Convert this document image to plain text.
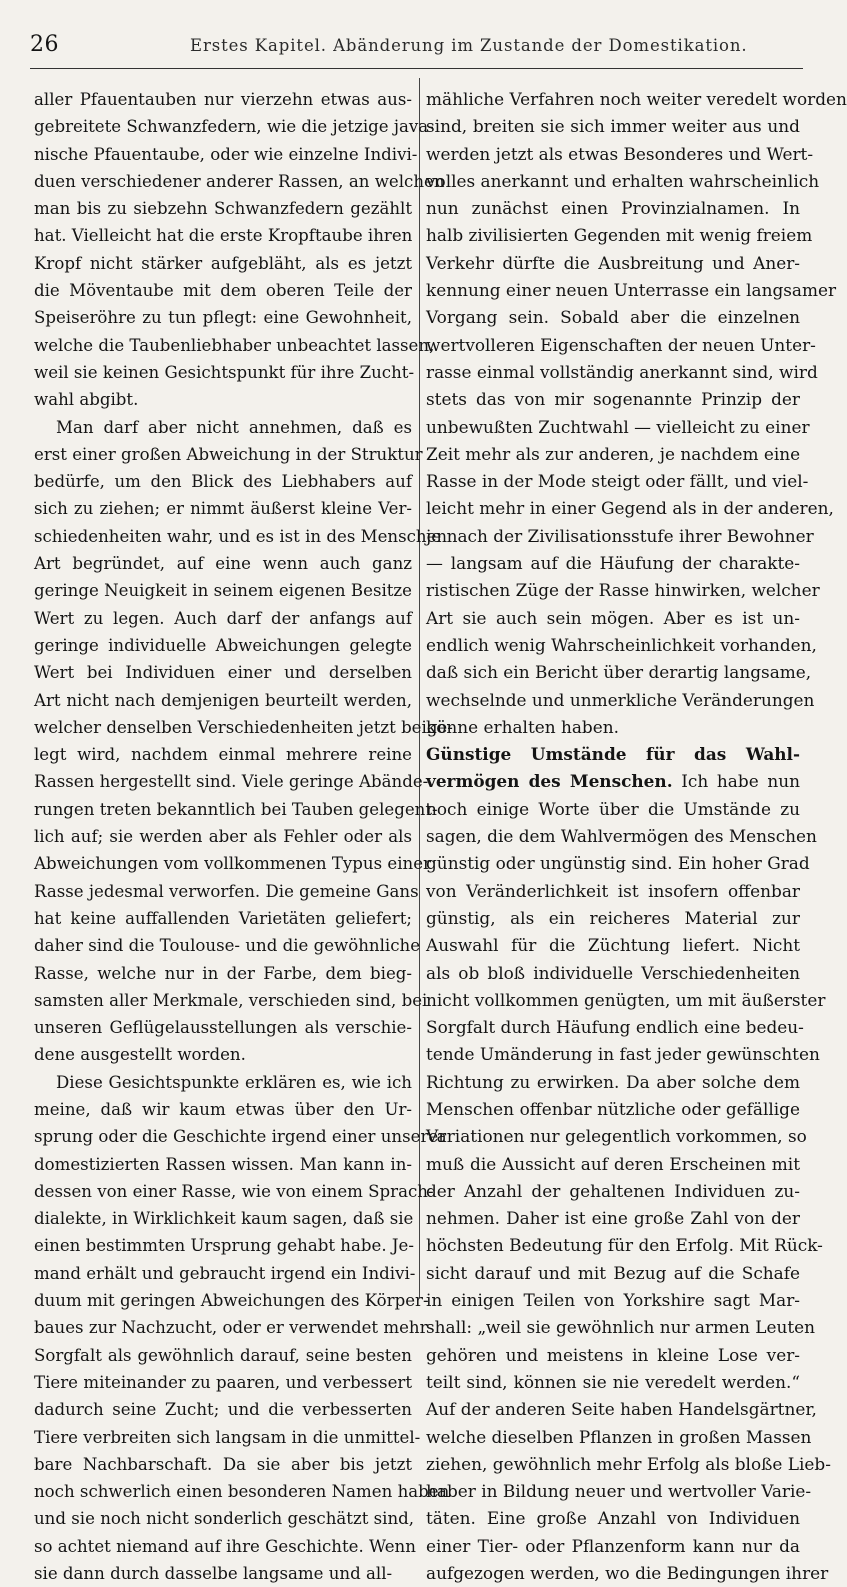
26	Erstes Kapitel. Abänderung im Zustande der Domestikation.
aller Pfauentauben nur vierzehn etwas aus-
gebreitete Schwanzfedern, wie die jetzige java-
nische Pfauentaube, oder wie einzelne Indivi-
duen verschiedener anderer Rassen, an welchen
man bis zu siebzehn Schwanzfedern gezählt
hat. Vielleicht hat die erste Kropftaube ihren
Kropf nicht stärker aufgebläht, als es jetzt
die Möventaube mit dem oberen Teile der
Speiseröhre zu tun pflegt: eine Gewohnheit,
welche die Taubenliebhaber unbeachtet lassen,
weil sie keinen Gesichtspunkt für ihre Zucht-
wahl abgibt.
Man darf aber nicht annehmen, daß es
erst einer großen Abweichung in der Struktur
bedürfe, um den Blick des Liebhabers auf
sich zu ziehen; er nimmt äußerst kleine Ver-
schiedenheiten wahr, und es ist in des Menschen
Art begründet, auf eine wenn auch ganz
geringe Neuigkeit in seinem eigenen Besitze
Wert zu legen. Auch darf der anfangs auf
geringe individuelle Abweichungen gelegte
Wert bei Individuen einer und derselben
Art nicht nach demjenigen beurteilt werden,
welcher denselben Verschiedenheiten jetzt beige-
legt wird, nachdem einmal mehrere reine
Rassen hergestellt sind. Viele geringe Abände-
rungen treten bekanntlich bei Tauben gelegent-
lich auf; sie werden aber als Fehler oder als
Abweichungen vom vollkommenen Typus einer
Rasse jedesmal verworfen. Die gemeine Gans
hat keine auffallenden Varietäten geliefert;
daher sind die Toulouse- und die gewöhnliche
Rasse, welche nur in der Farbe, dem bieg-
samsten aller Merkmale, verschieden sind, bei
unseren Geflügelausstellungen als verschie-
dene ausgestellt worden.
Diese Gesichtspunkte erklären es, wie ich
meine, daß wir kaum etwas über den Ur-
sprung oder die Geschichte irgend einer unserer
domestizierten Rassen wissen. Man kann in-
dessen von einer Rasse, wie von einem Sprach-
dialekte, in Wirklichkeit kaum sagen, daß sie
einen bestimmten Ursprung gehabt habe. Je-
mand erhält und gebraucht irgend ein Indivi-
duum mit geringen Abweichungen des Körper-
baues zur Nachzucht, oder er verwendet mehr
Sorgfalt als gewöhnlich darauf, seine besten
Tiere miteinander zu paaren, und verbessert
dadurch seine Zucht; und die verbesserten
Tiere verbreiten sich langsam in die unmittel-
bare Nachbarschaft. Da sie aber bis jetzt
noch schwerlich einen besonderen Namen haben
und sie noch nicht sonderlich geschätzt sind,
so achtet niemand auf ihre Geschichte. Wenn
sie dann durch dasselbe langsame und all-
mähliche Verfahren noch weiter veredelt worden
sind, breiten sie sich immer weiter aus und
werden jetzt als etwas Besonderes und Wert-
volles anerkannt und erhalten wahrscheinlich
nun zunächst einen Provinzialnamen. In
halb zivilisierten Gegenden mit wenig freiem
Verkehr dürfte die Ausbreitung und Aner-
kennung einer neuen Unterrasse ein langsamer
Vorgang sein. Sobald aber die einzelnen
wertvolleren Eigenschaften der neuen Unter-
rasse einmal vollständig anerkannt sind, wird
stets das von mir sogenannte Prinzip der
unbewußten Zuchtwahl — vielleicht zu einer
Zeit mehr als zur anderen, je nachdem eine
Rasse in der Mode steigt oder fällt, und viel-
leicht mehr in einer Gegend als in der anderen,
je nach der Zivilisationsstufe ihrer Bewohner
— langsam auf die Häufung der charakte-
ristischen Züge der Rasse hinwirken, welcher
Art sie auch sein mögen. Aber es ist un-
endlich wenig Wahrscheinlichkeit vorhanden,
daß sich ein Bericht über derartig langsame,
wechselnde und unmerkliche Veränderungen
könne erhalten haben.
Günstige Umstände für das Wahl-
vermögen des Menschen. Ich habe nun
noch einige Worte über die Umstände zu
sagen, die dem Wahlvermögen des Menschen
günstig oder ungünstig sind. Ein hoher Grad
von Veränderlichkeit ist insofern offenbar
günstig, als ein reicheres Material zur
Auswahl für die Züchtung liefert. Nicht
als ob bloß individuelle Verschiedenheiten
nicht vollkommen genügten, um mit äußerster
Sorgfalt durch Häufung endlich eine bedeu-
tende Umänderung in fast jeder gewünschten
Richtung zu erwirken. Da aber solche dem
Menschen offenbar nützliche oder gefällige
Variationen nur gelegentlich vorkommen, so
muß die Aussicht auf deren Erscheinen mit
der Anzahl der gehaltenen Individuen zu-
nehmen. Daher ist eine große Zahl von der
höchsten Bedeutung für den Erfolg. Mit Rück-
sicht darauf und mit Bezug auf die Schafe
in einigen Teilen von Yorkshire sagt Mar-
shall: „weil sie gewöhnlich nur armen Leuten
gehören und meistens in kleine Lose ver-
teilt sind, können sie nie veredelt werden.“
Auf der anderen Seite haben Handelsgärtner,
welche dieselben Pflanzen in großen Massen
ziehen, gewöhnlich mehr Erfolg als bloße Lieb-
haber in Bildung neuer und wertvoller Varie-
täten. Eine große Anzahl von Individuen
einer Tier- oder Pflanzenform kann nur da
aufgezogen werden, wo die Bedingungen ihrer
